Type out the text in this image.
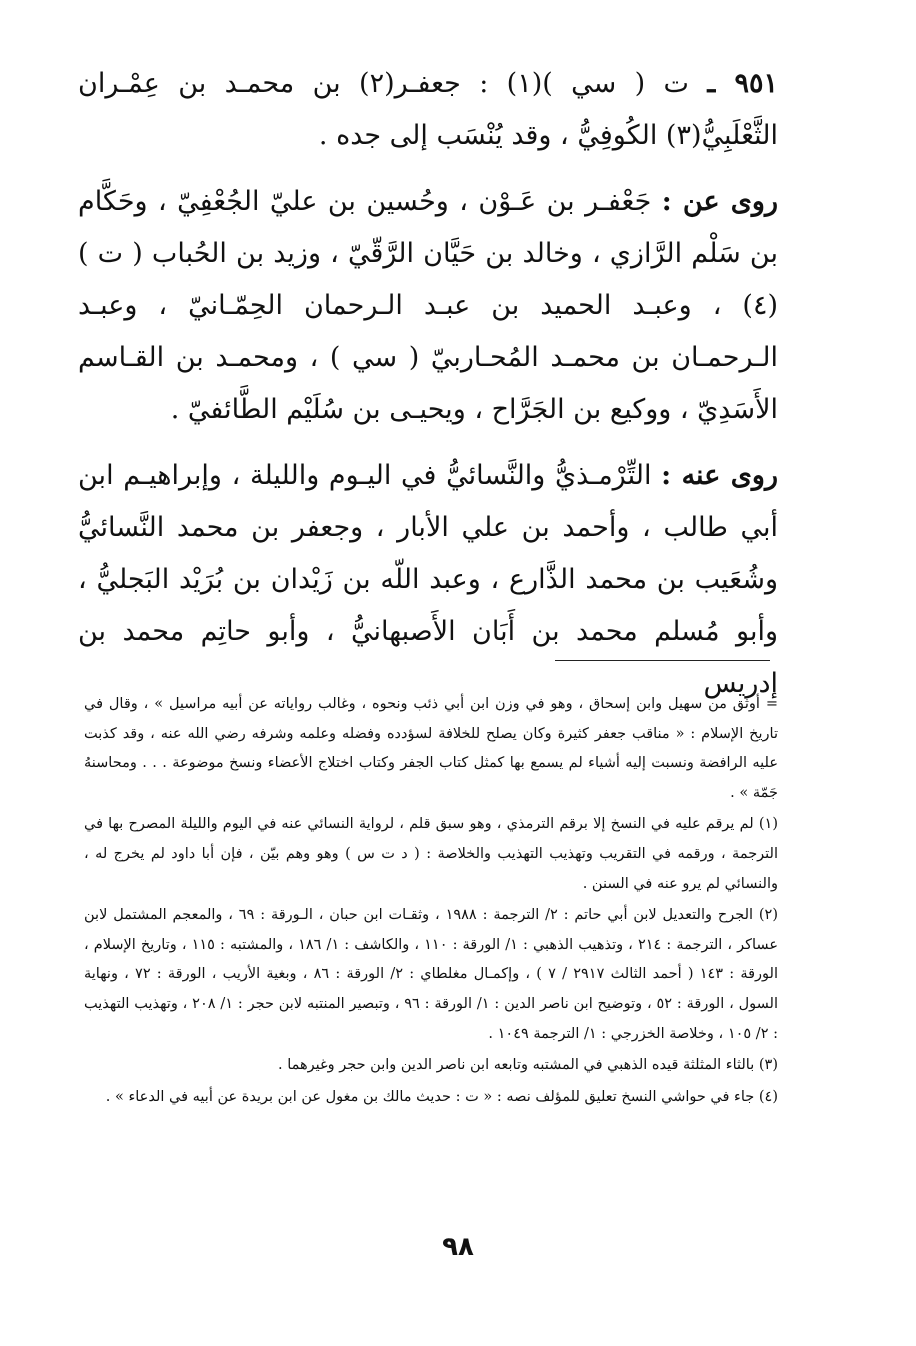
٩٥١ ـ ت ( سي )(١) : جعفـر(٢) بن محمـد بن عِمْـران الثَّعْلَبِيُّ(٣) الكُوفِيُّ ، وقد يُنْسَب إلى جده .

روى عن : جَعْفـر بن عَـوْن ، وحُسين بن عليّ الجُعْفِيّ ، وحَكَّام بن سَلْم الرَّازي ، وخالد بن حَيَّان الرَّقّيّ ، وزيد بن الحُباب ( ت )(٤) ، وعبـد الحميد بن عبـد الـرحمان الحِمّـانيّ ، وعبـد الـرحمـان بن محمـد المُحـاربيّ ( سي ) ، ومحمـد بن القـاسم الأَسَدِيّ ، ووكيع بن الجَرَّاح ، ويحيـى بن سُلَيْم الطَّائفيّ .

روى عنه : التِّرْمـذيُّ والنَّسائيُّ في اليـوم والليلة ، وإبراهيـم ابن أبي طالب ، وأحمد بن علي الأبار ، وجعفر بن محمد النَّسائيُّ وشُعَيب بن محمد الذَّارع ، وعبد اللّه بن زَيْدان بن بُرَيْد البَجليُّ ، وأبو مُسلم محمد بن أَبَان الأَصبهانيُّ ، وأبو حاتِم محمد بن إدريس

= أوثق من سهيل وابن إسحاق ، وهو في وزن ابن أبي ذئب ونحوه ، وغالب رواياته عن أبيه مراسيل » ، وقال في تاريخ الإسلام : « مناقب جعفر كثيرة وكان يصلح للخلافة لسؤدده وفضله وعلمه وشرفه رضي الله عنه ، وقد كذبت عليه الرافضة ونسبت إليه أشياء لم يسمع بها كمثل كتاب الجفر وكتاب اختلاج الأعضاء ونسخ موضوعة . . . ومحاسنهُ جَمّة » .

(١) لم يرقم عليه في النسخ إلا برقم الترمذي ، وهو سبق قلم ، لرواية النسائي عنه في اليوم والليلة المصرح بها في الترجمة ، ورقمه في التقريب وتهذيب التهذيب والخلاصة : ( د ت س ) وهو وهم بيّن ، فإن أبا داود لم يخرج له ، والنسائي لم يرو عنه في السنن .

(٢) الجرح والتعديل لابن أبي حاتم : ٢/ الترجمة : ١٩٨٨ ، وثقـات ابن حبان ، الـورقة : ٦٩ ، والمعجم المشتمل لابن عساكر ، الترجمة : ٢١٤ ، وتذهيب الذهبي : ١/ الورقة : ١١٠ ، والكاشف : ١/ ١٨٦ ، والمشتبه : ١١٥ ، وتاريخ الإسلام ، الورقة : ١٤٣ ( أحمد الثالث ٢٩١٧ / ٧ ) ، وإكمـال مغلطاي : ٢/ الورقة : ٨٦ ، وبغية الأريب ، الورقة : ٧٢ ، ونهاية السول ، الورقة : ٥٢ ، وتوضيح ابن ناصر الدين : ١/ الورقة : ٩٦ ، وتبصير المنتبه لابن حجر : ١/ ٢٠٨ ، وتهذيب التهذيب : ٢/ ١٠٥ ، وخلاصة الخزرجي : ١/ الترجمة ١٠٤٩ .

(٣) بالثاء المثلثة قيده الذهبي في المشتبه وتابعه ابن ناصر الدين وابن حجر وغيرهما .

(٤) جاء في حواشي النسخ تعليق للمؤلف نصه : « ت : حديث مالك بن مغول عن ابن بريدة عن أبيه في الدعاء » .

٩٨
